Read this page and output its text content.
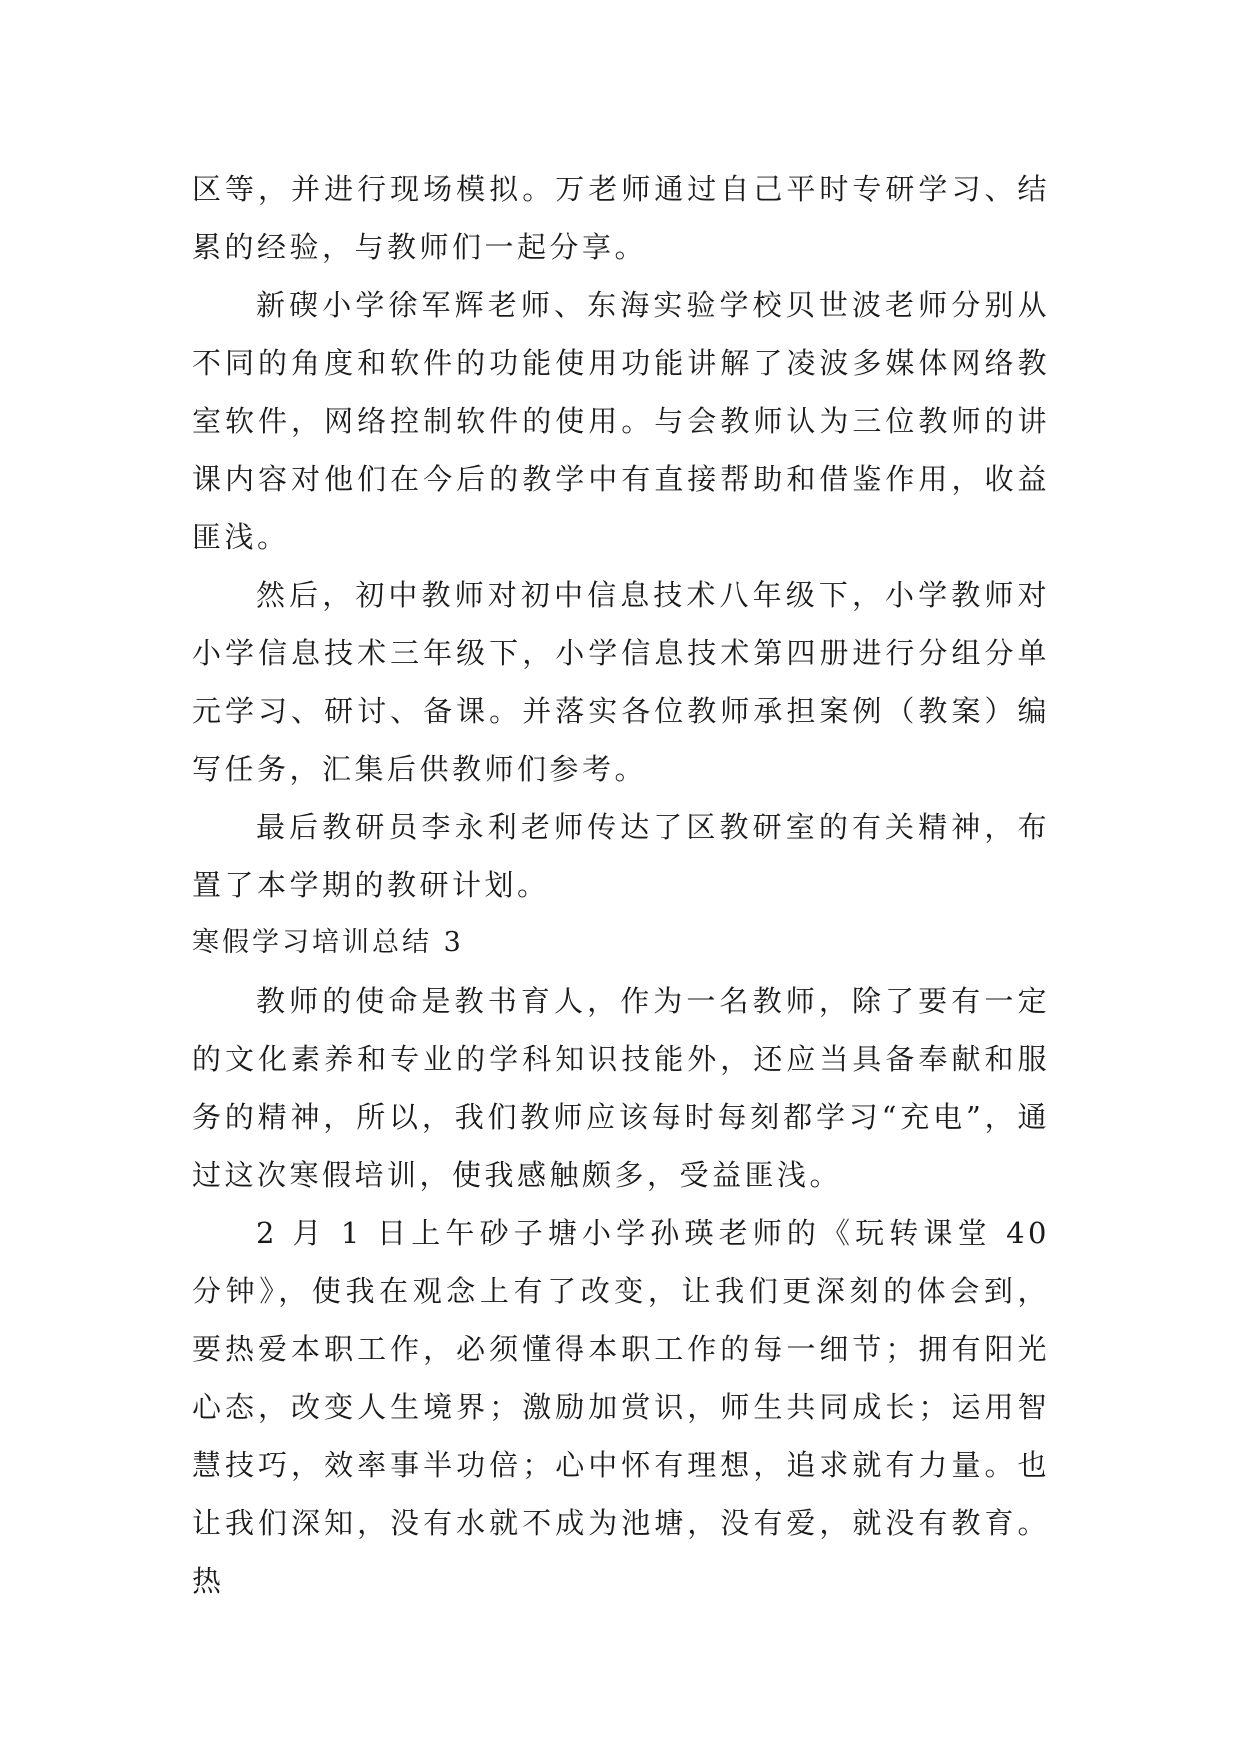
区等，并进行现场模拟。万老师通过自己平时专研学习、结累的经验，与教师们一起分享。

新碶小学徐军辉老师、东海实验学校贝世波老师分别从不同的角度和软件的功能使用功能讲解了凌波多媒体网络教室软件，网络控制软件的使用。与会教师认为三位教师的讲课内容对他们在今后的教学中有直接帮助和借鉴作用，收益匪浅。

然后，初中教师对初中信息技术八年级下，小学教师对小学信息技术三年级下，小学信息技术第四册进行分组分单元学习、研讨、备课。并落实各位教师承担案例（教案）编写任务，汇集后供教师们参考。

最后教研员李永利老师传达了区教研室的有关精神，布置了本学期的教研计划。

寒假学习培训总结 3

教师的使命是教书育人，作为一名教师，除了要有一定的文化素养和专业的学科知识技能外，还应当具备奉献和服务的精神，所以，我们教师应该每时每刻都学习“充电”，通过这次寒假培训，使我感触颇多，受益匪浅。

2 月 1 日上午砂子塘小学孙瑛老师的《玩转课堂 40 分钟》，使我在观念上有了改变，让我们更深刻的体会到，要热爱本职工作，必须懂得本职工作的每一细节；拥有阳光心态，改变人生境界；激励加赏识，师生共同成长；运用智慧技巧，效率事半功倍；心中怀有理想，追求就有力量。也让我们深知，没有水就不成为池塘，没有爱，就没有教育。热
